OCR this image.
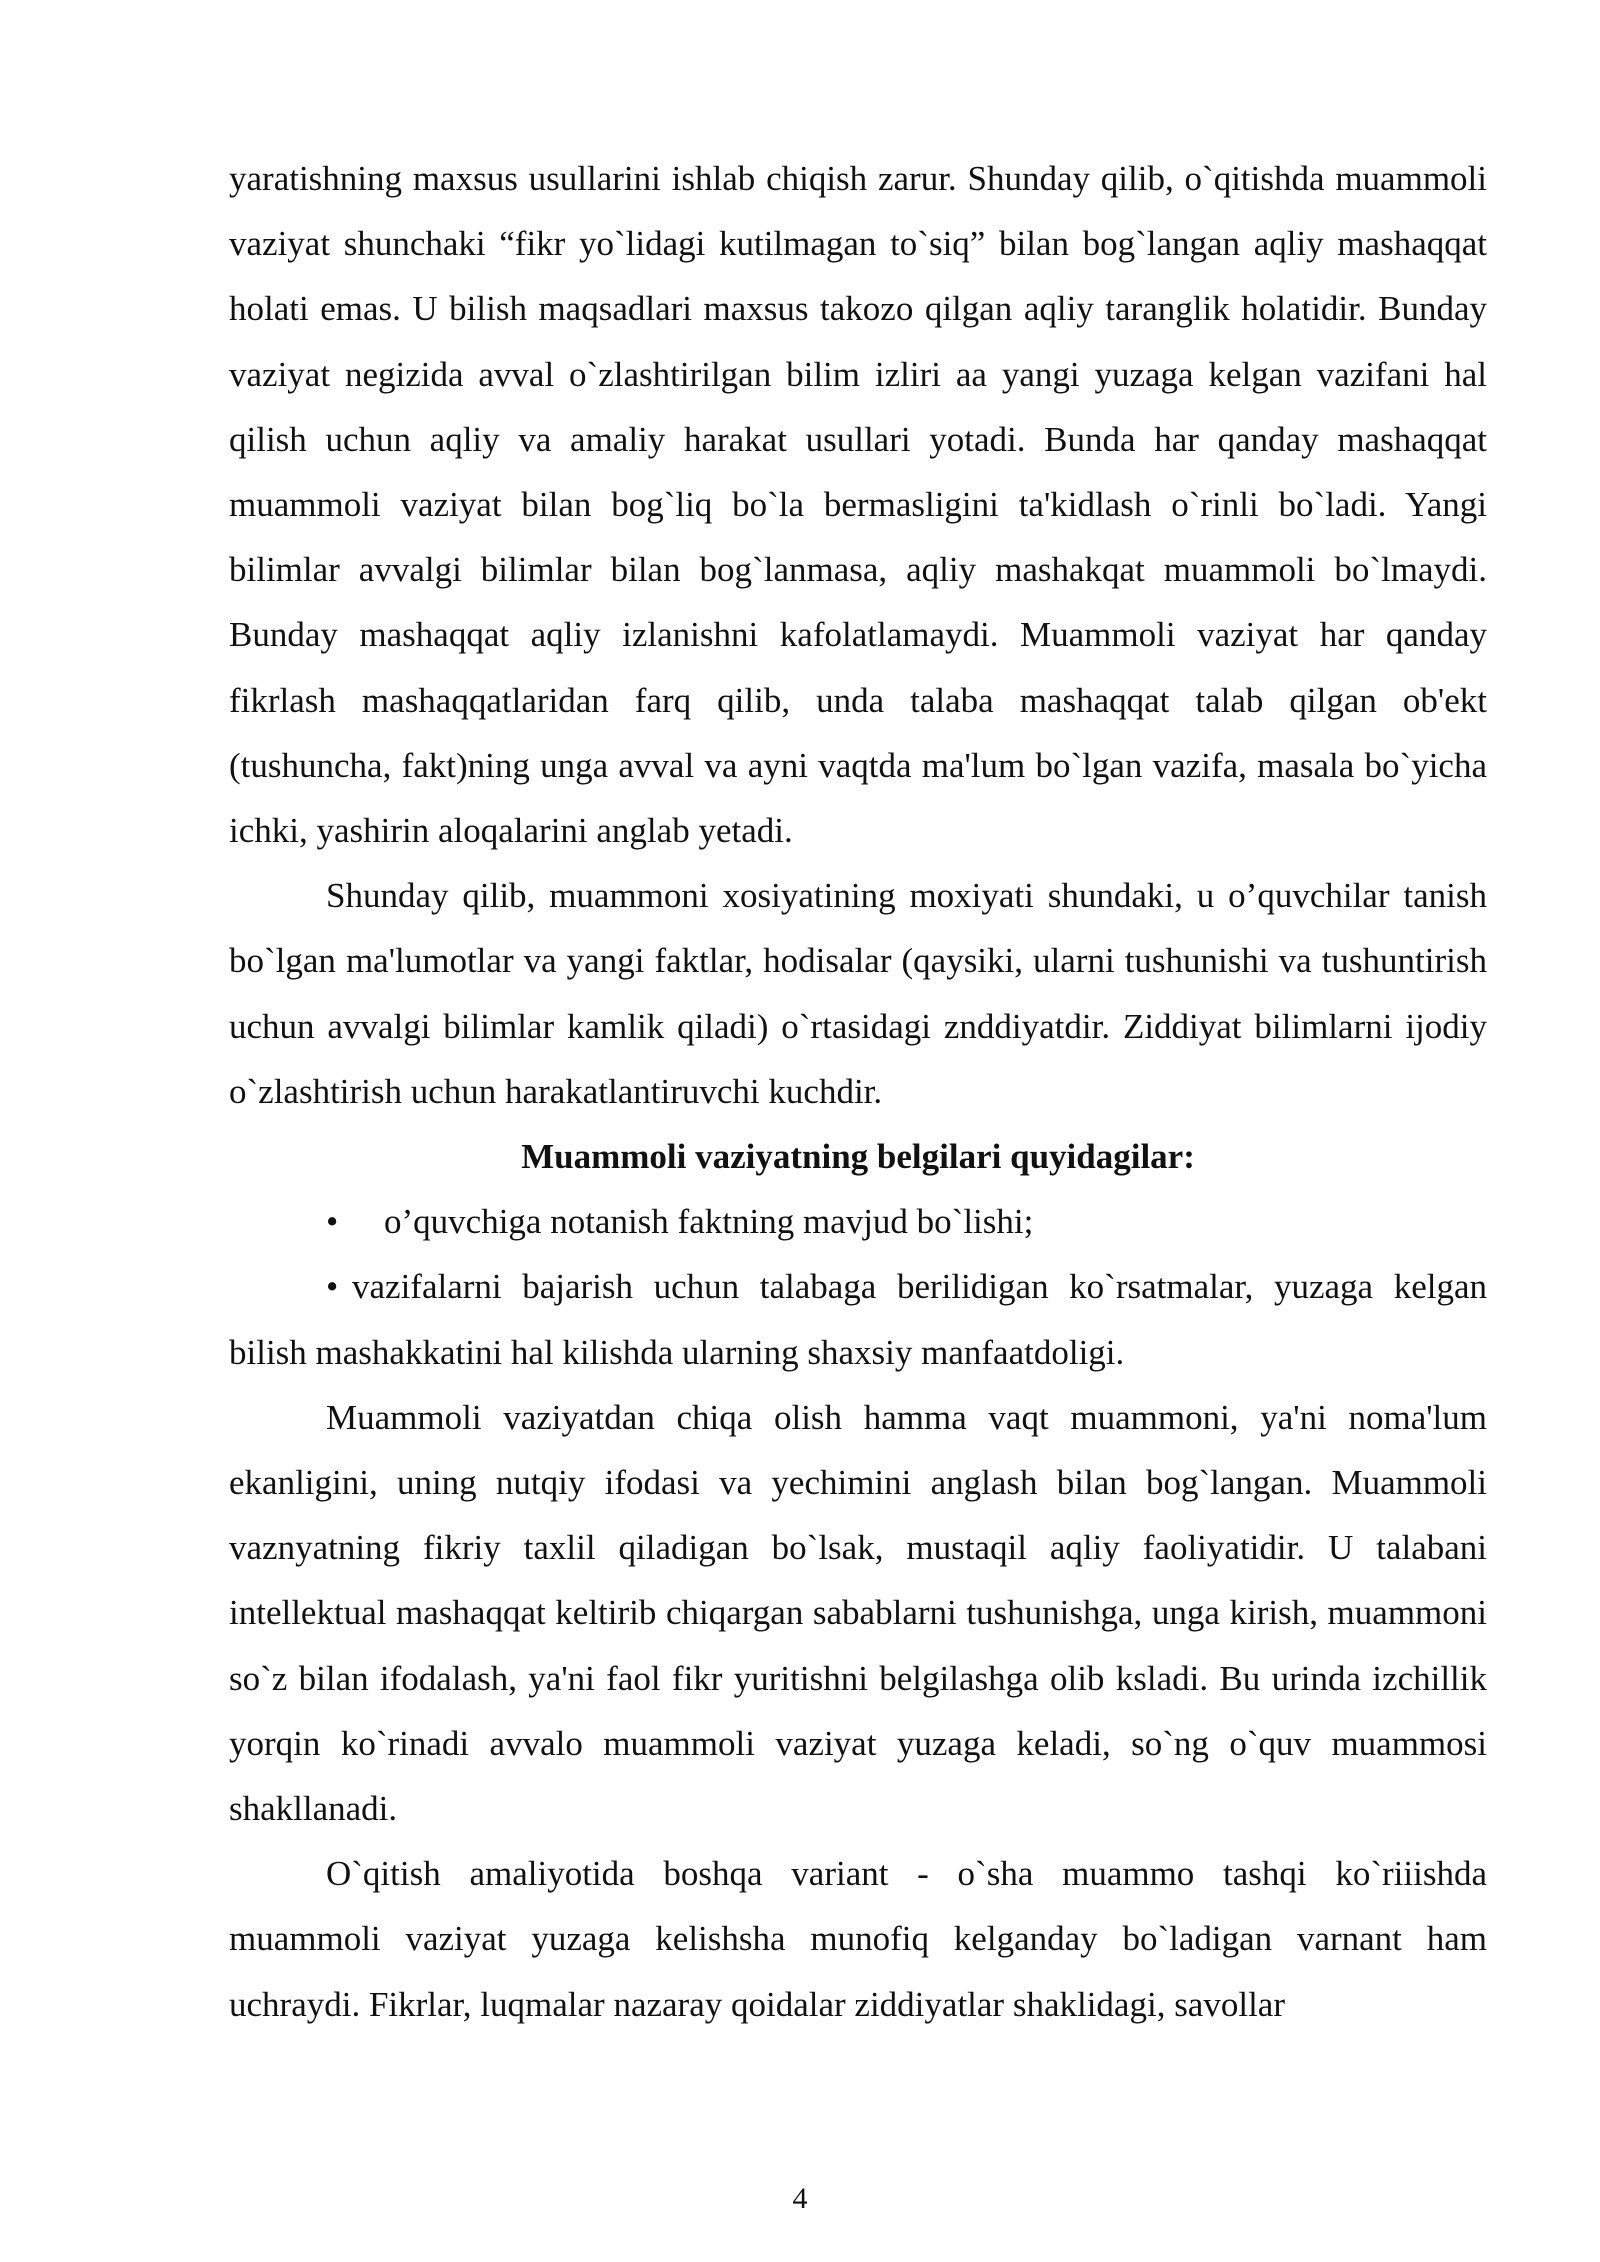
yaratishning maxsus usullarini ishlab chiqish zarur. Shunday qilib, o`qitishda muammoli vaziyat shunchaki “fikr yo`lidagi kutilmagan to`siq” bilan bog`langan aqliy mashaqqat holati emas. U bilish maqsadlari maxsus takozo qilgan aqliy taranglik holatidir. Bunday vaziyat negizida avval o`zlashtirilgan bilim izliri aa yangi yuzaga kelgan vazifani hal qilish uchun aqliy va amaliy harakat usullari yotadi. Bunda har qanday mashaqqat muammoli vaziyat bilan bog`liq bo`la bermasligini ta'kidlash o`rinli bo`ladi. Yangi bilimlar avvalgi bilimlar bilan bog`lanmasa, aqliy mashakqat muammoli bo`lmaydi. Bunday mashaqqat aqliy izlanishni kafolatlamaydi. Muammoli vaziyat har qanday fikrlash mashaqqatlaridan farq qilib, unda talaba mashaqqat talab qilgan ob'ekt (tushuncha, fakt)ning unga avval va ayni vaqtda ma'lum bo`lgan vazifa, masala bo`yicha ichki, yashirin aloqalarini anglab yetadi.

Shunday qilib, muammoni xosiyatining moxiyati shundaki, u o’quvchilar tanish bo`lgan ma'lumotlar va yangi faktlar, hodisalar (qaysiki, ularni tushunishi va tushuntirish uchun avvalgi bilimlar kamlik qiladi) o`rtasidagi znddiyatdir. Ziddiyat bilimlarni ijodiy o`zlashtirish uchun harakatlantiruvchi kuchdir.

Muammoli vaziyatning belgilari quyidagilar:

• o’quvchiga notanish faktning mavjud bo`lishi;

• vazifalarni bajarish uchun talabaga berilidigan ko`rsatmalar, yuzaga kelgan bilish mashakkatini hal kilishda ularning shaxsiy manfaatdoligi.

Muammoli vaziyatdan chiqa olish hamma vaqt muammoni, ya'ni noma'lum ekanligini, uning nutqiy ifodasi va yechimini anglash bilan bog`langan. Muammoli vaznyatning fikriy taxlil qiladigan bo`lsak, mustaqil aqliy faoliyatidir. U talabani intellektual mashaqqat keltirib chiqargan sabablarni tushunishga, unga kirish, muammoni so`z bilan ifodalash, ya'ni faol fikr yuritishni belgilashga olib ksladi. Bu urinda izchillik yorqin ko`rinadi avvalo muammoli vaziyat yuzaga keladi, so`ng o`quv muammosi shakllanadi.

O`qitish amaliyotida boshqa variant - o`sha muammo tashqi ko`riiishda muammoli vaziyat yuzaga kelishsha munofiq kelganday bo`ladigan varnant ham uchraydi. Fikrlar, luqmalar nazaray qoidalar ziddiyatlar shaklidagi, savollar

4
